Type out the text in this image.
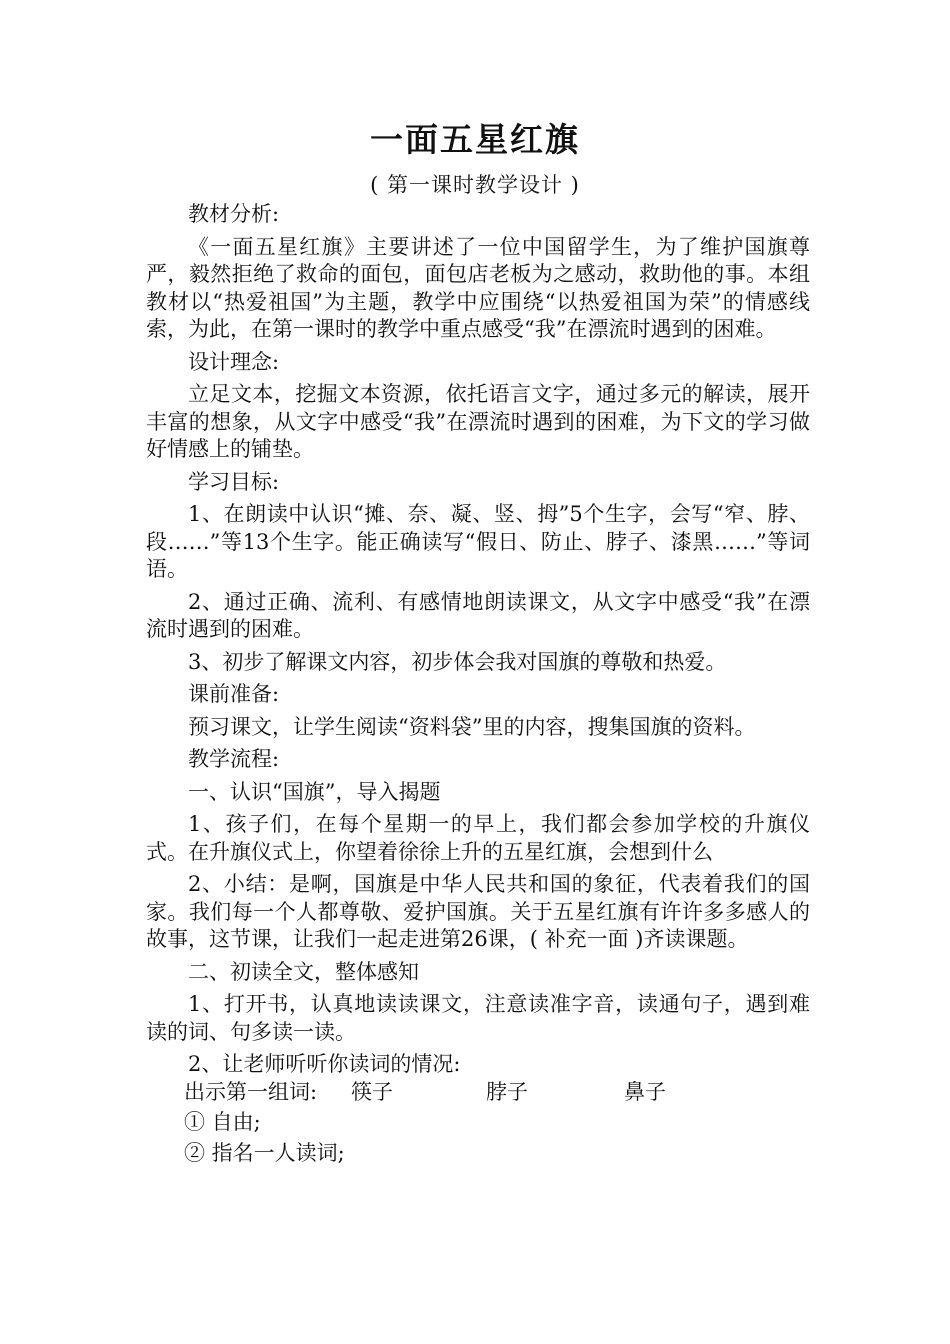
一面五星红旗
( 第一课时教学设计 )

教材分析:

《一面五星红旗》主要讲述了一位中国留学生，为了维护国旗尊严，毅然拒绝了救命的面包，面包店老板为之感动，救助他的事。本组教材以“热爱祖国”为主题，教学中应围绕“以热爱祖国为荣”的情感线索，为此，在第一课时的教学中重点感受“我”在漂流时遇到的困难。

设计理念:

立足文本，挖掘文本资源，依托语言文字，通过多元的解读，展开丰富的想象，从文字中感受“我”在漂流时遇到的困难，为下文的学习做好情感上的铺垫。

学习目标:

1、在朗读中认识“摊、奈、凝、竖、拇”5个生字，会写“窄、脖、段……”等13个生字。能正确读写“假日、防止、脖子、漆黑……”等词语。

2、通过正确、流利、有感情地朗读课文，从文字中感受“我”在漂流时遇到的困难。

3、初步了解课文内容，初步体会我对国旗的尊敬和热爱。

课前准备:

预习课文，让学生阅读“资料袋”里的内容，搜集国旗的资料。

教学流程:

一、认识“国旗”，导入揭题

1、孩子们，在每个星期一的早上，我们都会参加学校的升旗仪式。在升旗仪式上，你望着徐徐上升的五星红旗，会想到什么

2、小结：是啊，国旗是中华人民共和国的象征，代表着我们的国家。我们每一个人都尊敬、爱护国旗。关于五星红旗有许许多多感人的故事，这节课，让我们一起走进第26课，( 补充一面 )齐读课题。

二、初读全文，整体感知

1、打开书，认真地读读课文，注意读准字音，读通句子，遇到难读的词、句多读一读。

2、让老师听听你读词的情况:

出示第一组词: 筷子	脖子	鼻子

① 自由;

② 指名一人读词;
